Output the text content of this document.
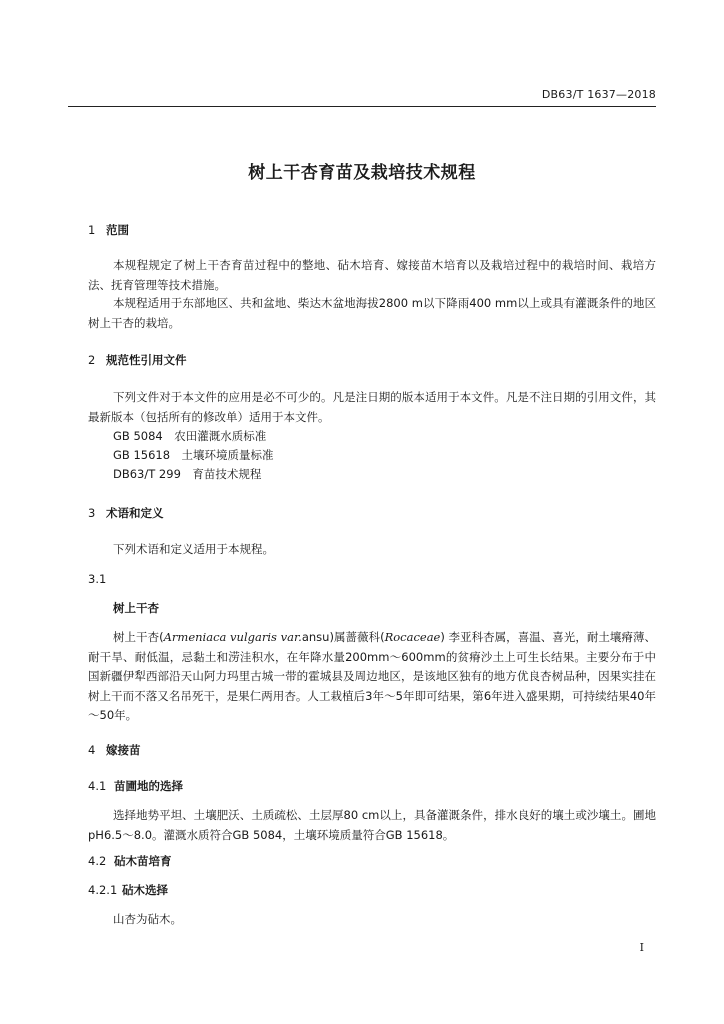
DB63/T 1637—2018
树上干杏育苗及栽培技术规程
1 范围
本规程规定了树上干杏育苗过程中的整地、砧木培育、嫁接苗木培育以及栽培过程中的栽培时间、栽培方法、抚育管理等技术措施。
本规程适用于东部地区、共和盆地、柴达木盆地海拔2800 m以下降雨400 mm以上或具有灌溉条件的地区树上干杏的栽培。
2 规范性引用文件
下列文件对于本文件的应用是必不可少的。凡是注日期的版本适用于本文件。凡是不注日期的引用文件，其最新版本（包括所有的修改单）适用于本文件。
GB 5084　农田灌溉水质标准
GB 15618　土壤环境质量标准
DB63/T 299　育苗技术规程
3 术语和定义
下列术语和定义适用于本规程。
3.1
树上干杏
树上干杏(Armeniaca vulgaris var.ansu)属蔷薇科(Rocaceae) 李亚科杏属，喜温、喜光，耐土壤瘠薄、耐干旱、耐低温，忌黏土和涝洼积水，在年降水量200mm～600mm的贫瘠沙土上可生长结果。主要分布于中国新疆伊犁西部沿天山阿力玛里古城一带的霍城县及周边地区，是该地区独有的地方优良杏树品种，因果实挂在树上干而不落又名吊死干，是果仁两用杏。人工栽植后3年～5年即可结果，第6年进入盛果期，可持续结果40年～50年。
4 嫁接苗
4.1 苗圃地的选择
选择地势平坦、土壤肥沃、土质疏松、土层厚80 cm以上，具备灌溉条件，排水良好的壤土或沙壤土。圃地pH6.5～8.0。灌溉水质符合GB 5084，土壤环境质量符合GB 15618。
4.2 砧木苗培育
4.2.1 砧木选择
山杏为砧木。
I
